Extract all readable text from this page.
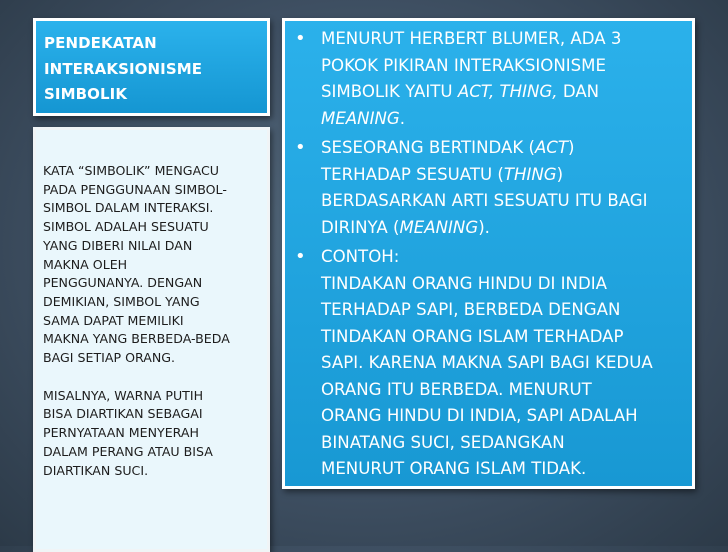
PENDEKATAN
INTERAKSIONISME
SIMBOLIK
KATA “SIMBOLIK” MENGACU
PADA PENGGUNAAN SIMBOL-
SIMBOL DALAM INTERAKSI.
SIMBOL ADALAH SESUATU
YANG DIBERI NILAI DAN
MAKNA OLEH
PENGGUNANYA. DENGAN
DEMIKIAN, SIMBOL YANG
SAMA DAPAT MEMILIKI
MAKNA YANG BERBEDA-BEDA
BAGI SETIAP ORANG.
MISALNYA, WARNA PUTIH
BISA DIARTIKAN SEBAGAI
PERNYATAAN MENYERAH
DALAM PERANG ATAU BISA
DIARTIKAN SUCI.
• MENURUT HERBERT BLUMER, ADA 3
POKOK PIKIRAN INTERAKSIONISME
SIMBOLIK YAITU ACT, THING, DAN
MEANING.
• SESEORANG BERTINDAK (ACT)
TERHADAP SESUATU (THING)
BERDASARKAN ARTI SESUATU ITU BAGI
DIRINYA (MEANING).
• CONTOH:
TINDAKAN ORANG HINDU DI INDIA
TERHADAP SAPI, BERBEDA DENGAN
TINDAKAN ORANG ISLAM TERHADAP
SAPI. KARENA MAKNA SAPI BAGI KEDUA
ORANG ITU BERBEDA. MENURUT
ORANG HINDU DI INDIA, SAPI ADALAH
BINATANG SUCI, SEDANGKAN
MENURUT ORANG ISLAM TIDAK.
